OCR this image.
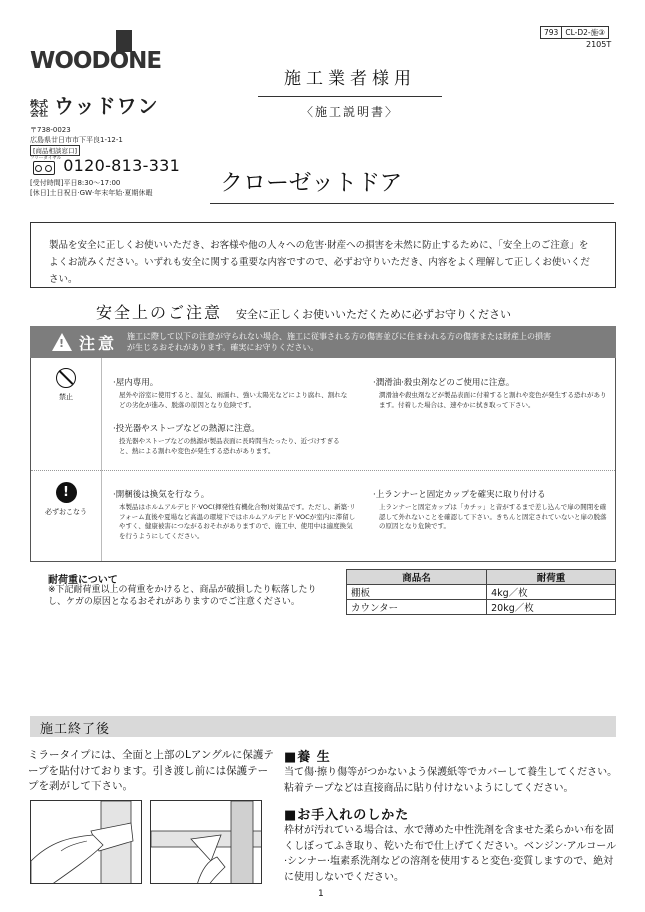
793 CL-D2-施③
2105T
WOODONE
株式
会社 ウッドワン
〒738-0023
広島県廿日市市下平良1-12-1
[商品相談窓口]
フリーダイヤル 0120-813-331
[受付時間]平日8:30〜17:00
[休日]土日祝日·GW·年末年始·夏期休暇
施工業者様用
〈施工説明書〉
クローゼットドア
製品を安全に正しくお使いいただき、お客様や他の人々への危害·財産への損害を未然に防止するために、「安全上のご注意」をよくお読みください。いずれも安全に関する重要な内容ですので、必ずお守りいただき、内容をよく理解して正しくお使いください。
安全上のご注意 安全に正しくお使いいただくために必ずお守りください
!
注意 施工に際して以下の注意が守られない場合、施工に従事される方の傷害並びに住まわれる方の傷害または財産上の損害が生じるおそれがあります。確実にお守りください。
禁止
·屋内専用。
屋外や浴室に使用すると、湿気、雨濡れ、強い太陽光などにより腐れ、割れなどの劣化が進み、脱落の原因となり危険です。
·潤滑油·殺虫剤などのご使用に注意。
潤滑油や殺虫剤などが製品表面に付着すると割れや変色が発生する恐れがあります。付着した場合は、速やかに拭き取って下さい。
·投光器やストーブなどの熱源に注意。
投光器やストーブなどの熱源が製品表面に長時間当たったり、近づけすぎると、熱による割れや変色が発生する恐れがあります。
!
必ずおこなう
·開梱後は換気を行なう。
本製品はホルムアルデヒド·VOC(揮発性有機化合物)対策品です。ただし、新築·リフォーム直後や夏場など高温の環境下ではホルムアルデヒド·VOCが室内に滞留しやすく、健康被害につながるおそれがありますので、施工中、使用中は適度換気を行うようにしてください。
·上ランナーと固定カップを確実に取り付ける
上ランナーと固定カップは「カチッ」と音がするまで差し込んで扉の開閉を確認して外れないことを確認して下さい。きちんと固定されていないと扉の脱落の原因となり危険です。
耐荷重について
※下記耐荷重以上の荷重をかけると、商品が破損したり転落したりし、ケガの原因となるおそれがありますのでご注意ください。
商品名	耐荷重
棚板	4kg／枚
カウンター	20kg／枚
施工終了後
ミラータイプには、全面と上部のLアングルに保護テープを貼付けております。引き渡し前には保護テープを剥がして下さい。
■養 生
当て傷·擦り傷等がつかないよう保護紙等でカバーして養生してください。粘着テープなどは直接商品に貼り付けないようにしてください。
■お手入れのしかた
枠材が汚れている場合は、水で薄めた中性洗剤を含ませた柔らかい布を固くしぼってふき取り、乾いた布で仕上げてください。ベンジン·アルコール·シンナー·塩素系洗剤などの溶剤を使用すると変色·変質しますので、絶対に使用しないでください。
1
